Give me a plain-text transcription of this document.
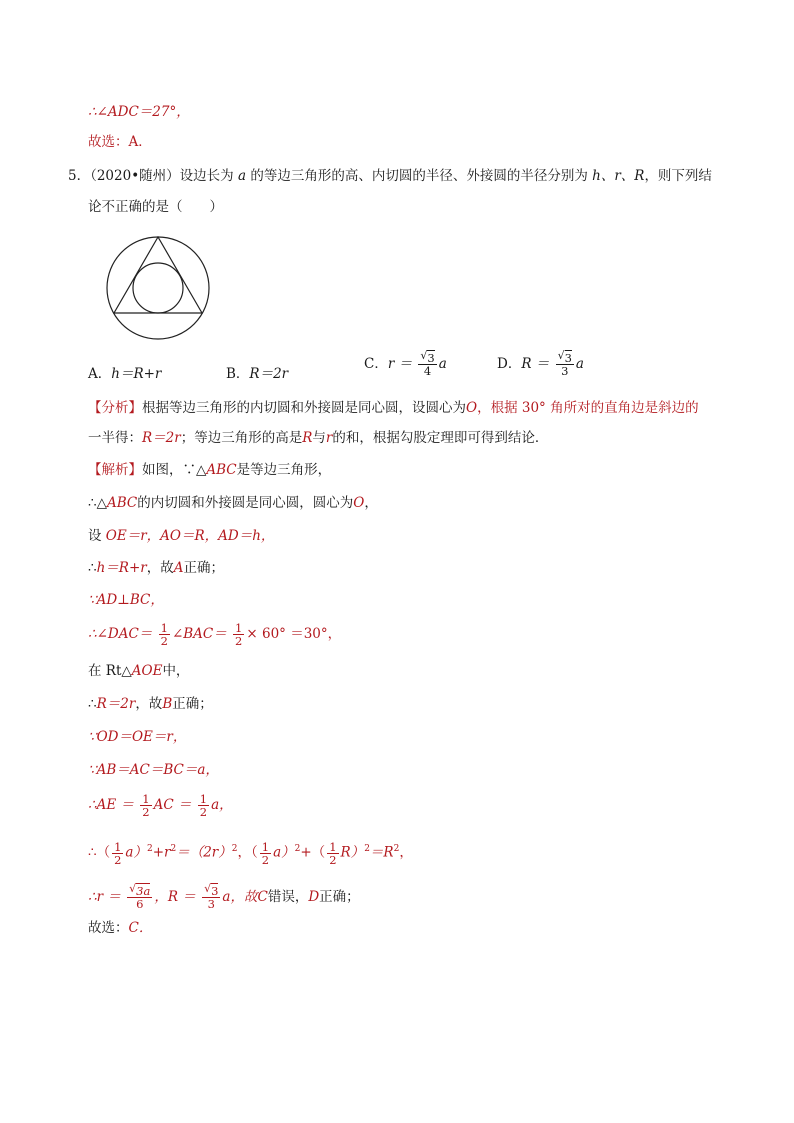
∴∠ADC＝27°，
故选：A．
5．（2020•随州）设边长为 a 的等边三角形的高、内切圆的半径、外接圆的半径分别为 h、r、R，则下列结
论不正确的是（　　）
A．h＝R+r	B．R＝2r
C．r ＝ √ $\frac{3}{4}$ a	D．R ＝ √ $\frac{3}{3}$ a
【分析】根据等边三角形的内切圆和外接圆是同心圆，设圆心为O，根据 30° 角所对的直角边是斜边的
一半得：R＝2r；等边三角形的高是R与r的和，根据勾股定理即可得到结论．
【解析】如图，∵△ABC是等边三角形，
∴△ABC的内切圆和外接圆是同心圆，圆心为O，
设 OE＝r，AO＝R，AD＝h，
∴h＝R+r，故A正确；
∵AD⊥BC，
∴∠DAC＝ $\frac{1}{2}$ ∠BAC＝ $\frac{1}{2} \times 60^\circ =30^\circ$，
在 Rt△AOE中，
∴R＝2r，故B正确；
∵OD＝OE＝r，
∵AB＝AC＝BC＝a，
∴AE ＝ $\frac{1}{2}$ AC ＝ $\frac{1}{2}$ a，
∴（ $\frac{1}{2} a)^2+r^2=(2r)^2$，（ $\frac{1}{2} a)^2+( \frac{1}{2} R)^2=R^2$，
∴r ＝ √ $\frac{3a}{6}$ ，R ＝ √ $\frac{3}{3}$ a，故C错误，D正确；
故选：C．
